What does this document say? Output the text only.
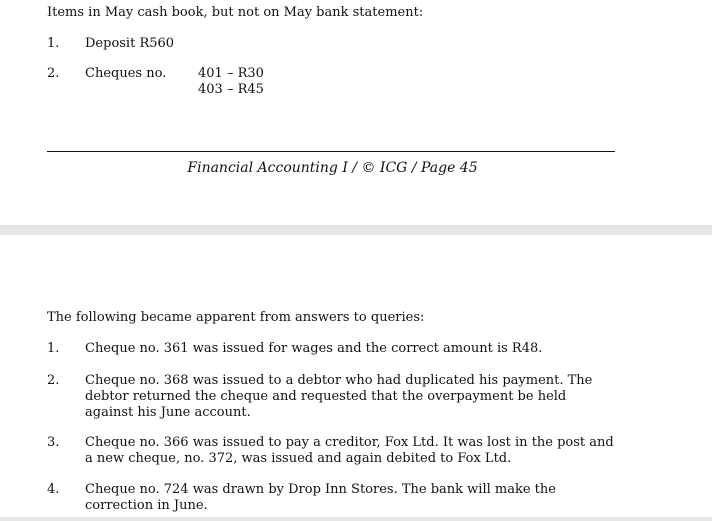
Items in May cash book, but not on May bank statement:
1. Deposit R560
2. Cheques no. 401 – R30
403 – R45
Financial Accounting I / © ICG / Page 45
The following became apparent from answers to queries:
1. Cheque no. 361 was issued for wages and the correct amount is R48.
2. Cheque no. 368 was issued to a debtor who had duplicated his payment. The debtor returned the cheque and requested that the overpayment be held against his June account.
3. Cheque no. 366 was issued to pay a creditor, Fox Ltd. It was lost in the post and a new cheque, no. 372, was issued and again debited to Fox Ltd.
4. Cheque no. 724 was drawn by Drop Inn Stores. The bank will make the correction in June.
